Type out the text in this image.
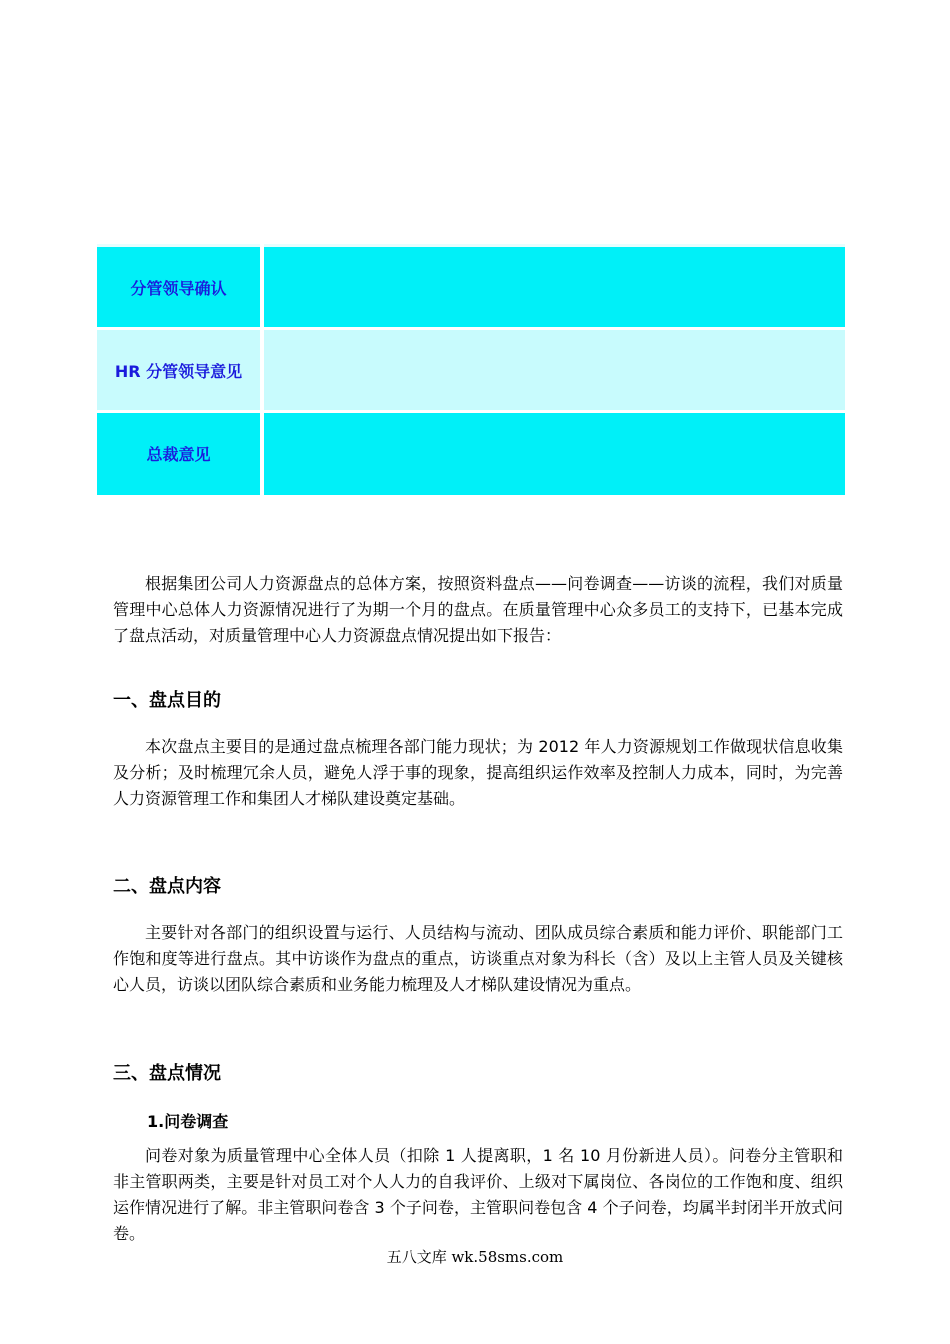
分管领导确认	
HR 分管领导意见	
总裁意见	

根据集团公司人力资源盘点的总体方案，按照资料盘点——问卷调查——访谈的流程，我们对质量管理中心总体人力资源情况进行了为期一个月的盘点。在质量管理中心众多员工的支持下，已基本完成了盘点活动，对质量管理中心人力资源盘点情况提出如下报告：

一、盘点目的

本次盘点主要目的是通过盘点梳理各部门能力现状；为 2012 年人力资源规划工作做现状信息收集及分析；及时梳理冗余人员，避免人浮于事的现象，提高组织运作效率及控制人力成本，同时，为完善人力资源管理工作和集团人才梯队建设奠定基础。

二、盘点内容

主要针对各部门的组织设置与运行、人员结构与流动、团队成员综合素质和能力评价、职能部门工作饱和度等进行盘点。其中访谈作为盘点的重点，访谈重点对象为科长（含）及以上主管人员及关键核心人员，访谈以团队综合素质和业务能力梳理及人才梯队建设情况为重点。

三、盘点情况
1.问卷调查

问卷对象为质量管理中心全体人员（扣除 1 人提离职，1 名 10 月份新进人员）。问卷分主管职和非主管职两类，主要是针对员工对个人人力的自我评价、上级对下属岗位、各岗位的工作饱和度、组织运作情况进行了解。非主管职问卷含 3 个子问卷，主管职问卷包含 4 个子问卷，均属半封闭半开放式问卷。

五八文库 wk.58sms.com
